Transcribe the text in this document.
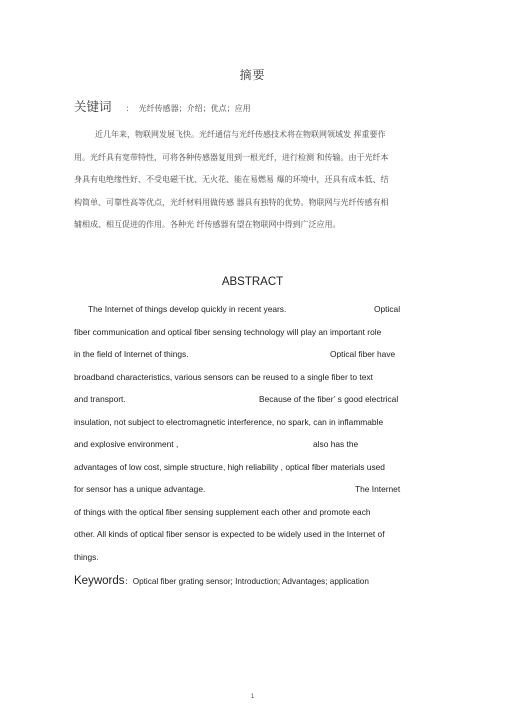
摘要
关键词 ： 光纤传感器；介绍；优点；应用
近几年来，物联网发展飞快。光纤通信与光纤传感技术将在物联网领域发 挥重要作
用。光纤具有宽带特性，可将各种传感器复用到一根光纤，进行检测 和传输。由于光纤本
身具有电绝缘性好、不受电磁干扰、无火花、能在易燃易 爆的环境中，还具有成本低、结
构简单、可靠性高等优点，光纤材料用做传感 器具有独特的优势。物联网与光纤传感有相
辅相成、相互促进的作用。各种光 纤传感器有望在物联网中得到广泛应用。
ABSTRACT
The Internet of things develop quickly in recent years.	Optical
fiber communication and optical fiber sensing technology will play an important role
in the field of Internet of things.	Optical fiber have
broadband characteristics, various sensors can be reused to a single fiber to text
and transport.	Because of the fiber’ s good electrical
insulation, not subject to electromagnetic interference, no spark, can in inflammable
and explosive environment ,	also has the
advantages of low cost, simple structure, high reliability , optical fiber materials used
for sensor has a unique advantage.	The Internet
of things with the optical fiber sensing supplement each other and promote each
other. All kinds of optical fiber sensor is expected to be widely used in the Internet of
things.
Keywords：Optical fiber grating sensor; Introduction; Advantages; application
1
